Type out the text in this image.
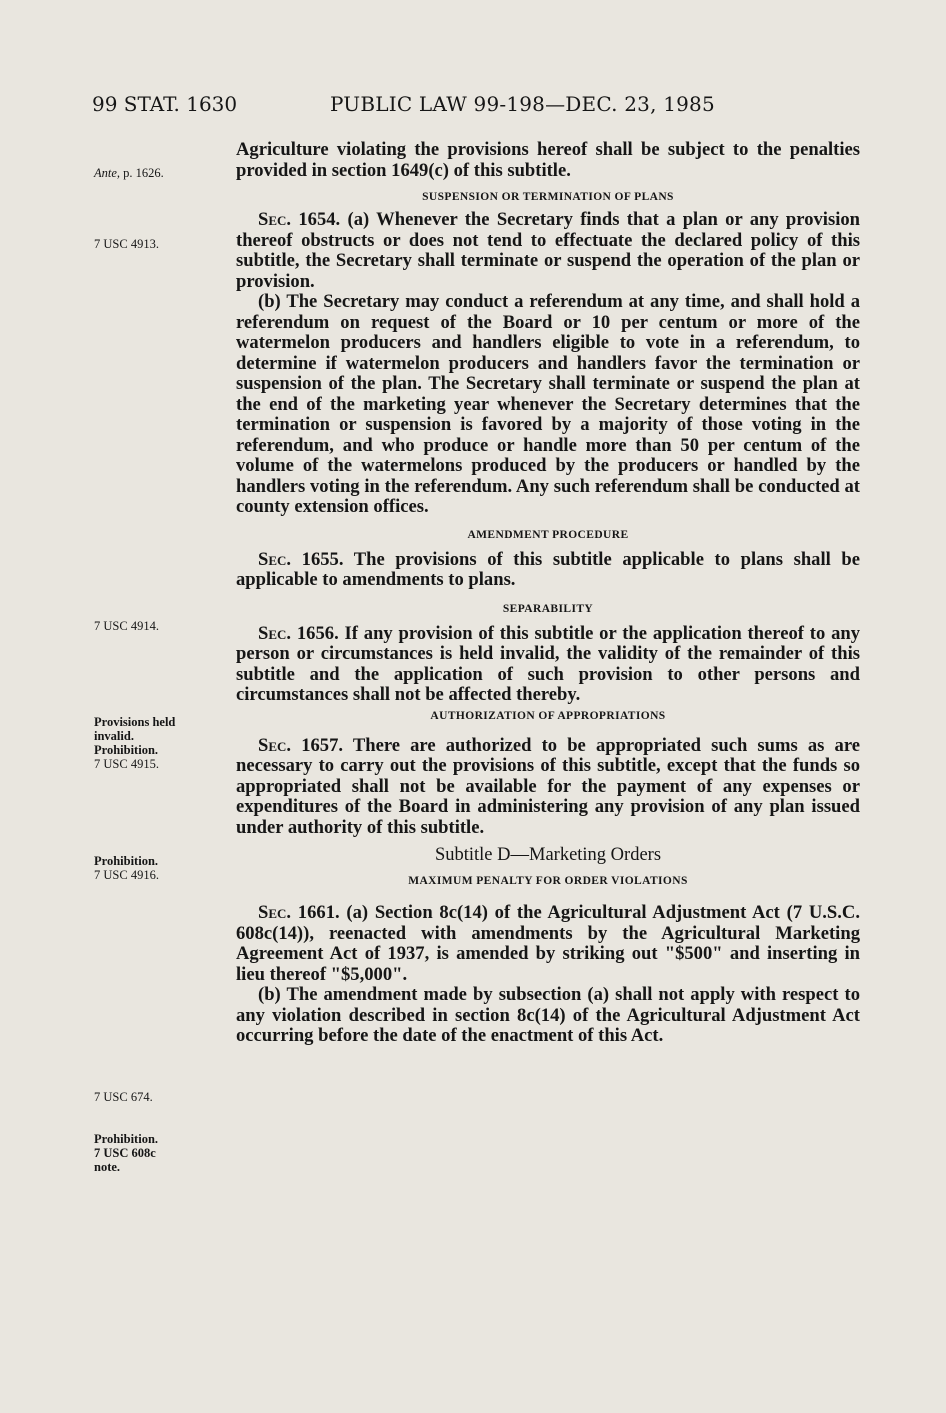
99 STAT. 1630	PUBLIC LAW 99-198—DEC. 23, 1985
Ante, p. 1626.
7 USC 4913.
7 USC 4914.
Provisions held
invalid.
Prohibition.
7 USC 4915.
Prohibition.
7 USC 4916.
7 USC 674.
Prohibition.
7 USC 608c
note.

Agriculture violating the provisions hereof shall be subject to the penalties provided in section 1649(c) of this subtitle.

SUSPENSION OR TERMINATION OF PLANS

Sec. 1654. (a) Whenever the Secretary finds that a plan or any provision thereof obstructs or does not tend to effectuate the declared policy of this subtitle, the Secretary shall terminate or suspend the operation of the plan or provision.

(b) The Secretary may conduct a referendum at any time, and shall hold a referendum on request of the Board or 10 per centum or more of the watermelon producers and handlers eligible to vote in a referendum, to determine if watermelon producers and handlers favor the termination or suspension of the plan. The Secretary shall terminate or suspend the plan at the end of the marketing year whenever the Secretary determines that the termination or suspension is favored by a majority of those voting in the referendum, and who produce or handle more than 50 per centum of the volume of the watermelons produced by the producers or handled by the handlers voting in the referendum. Any such referendum shall be conducted at county extension offices.

AMENDMENT PROCEDURE

Sec. 1655. The provisions of this subtitle applicable to plans shall be applicable to amendments to plans.

SEPARABILITY

Sec. 1656. If any provision of this subtitle or the application thereof to any person or circumstances is held invalid, the validity of the remainder of this subtitle and the application of such provision to other persons and circumstances shall not be affected thereby.

AUTHORIZATION OF APPROPRIATIONS

Sec. 1657. There are authorized to be appropriated such sums as are necessary to carry out the provisions of this subtitle, except that the funds so appropriated shall not be available for the payment of any expenses or expenditures of the Board in administering any provision of any plan issued under authority of this subtitle.

Subtitle D—Marketing Orders

MAXIMUM PENALTY FOR ORDER VIOLATIONS

Sec. 1661. (a) Section 8c(14) of the Agricultural Adjustment Act (7 U.S.C. 608c(14)), reenacted with amendments by the Agricultural Marketing Agreement Act of 1937, is amended by striking out "$500" and inserting in lieu thereof "$5,000".

(b) The amendment made by subsection (a) shall not apply with respect to any violation described in section 8c(14) of the Agricultural Adjustment Act occurring before the date of the enactment of this Act.
